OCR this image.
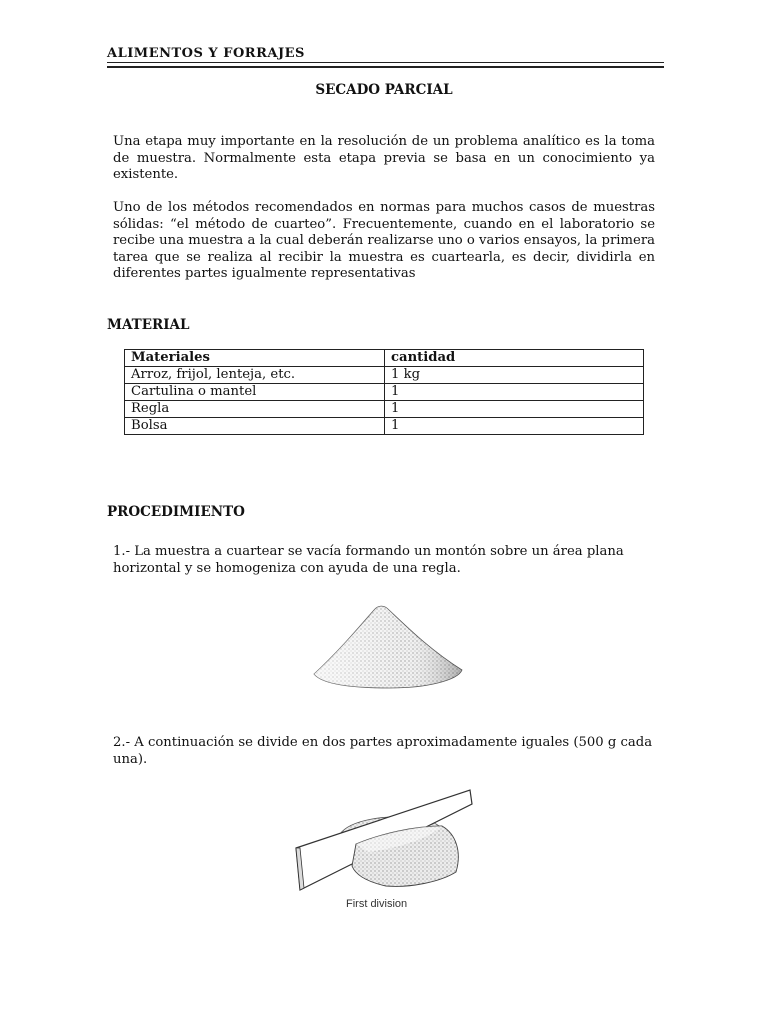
ALIMENTOS Y FORRAJES
SECADO PARCIAL

Una etapa muy importante en la resolución de un problema analítico es la toma de muestra. Normalmente esta etapa previa se basa en un conocimiento ya existente.

Uno de los métodos recomendados en normas para muchos casos de muestras sólidas: “el método de cuarteo”. Frecuentemente, cuando en el laboratorio se recibe una muestra a la cual deberán realizarse uno o varios ensayos, la primera tarea que se realiza al recibir la muestra es cuartearla, es decir, dividirla en diferentes partes igualmente representativas

MATERIAL
Materiales	cantidad
Arroz, frijol, lenteja, etc.	1 kg
Cartulina o mantel	1
Regla	1
Bolsa	1
PROCEDIMIENTO

1.- La muestra a cuartear se vacía formando un montón sobre un área plana horizontal y se homogeniza con ayuda de una regla.

2.- A continuación se divide en dos partes aproximadamente iguales (500 g cada una).

First division
